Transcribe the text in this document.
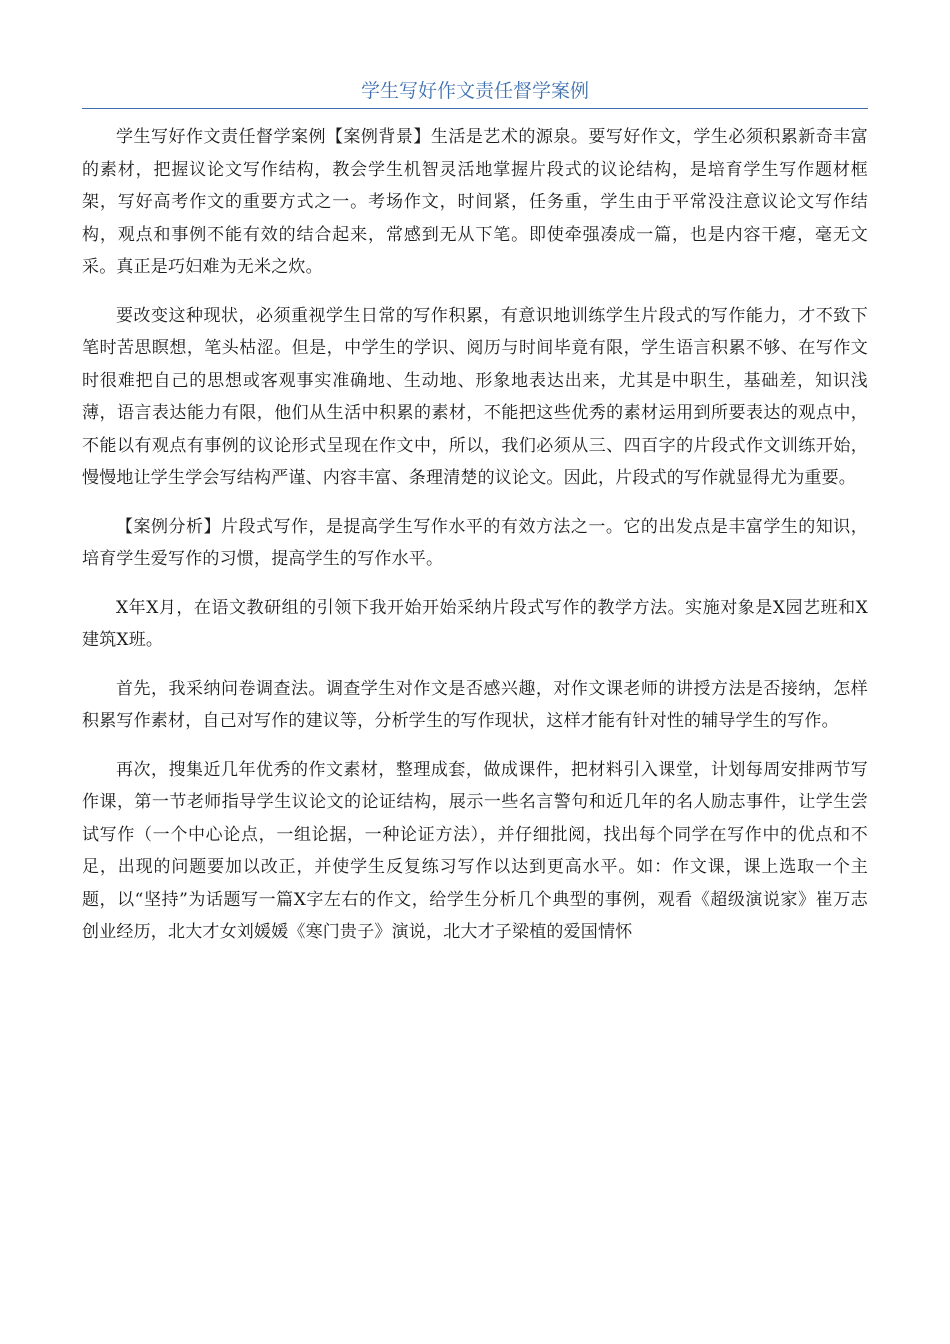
学生写好作文责任督学案例

学生写好作文责任督学案例【案例背景】生活是艺术的源泉。要写好作文，学生必须积累新奇丰富的素材，把握议论文写作结构，教会学生机智灵活地掌握片段式的议论结构，是培育学生写作题材框架，写好高考作文的重要方式之一。考场作文，时间紧，任务重，学生由于平常没注意议论文写作结构，观点和事例不能有效的结合起来，常感到无从下笔。即使牵强凑成一篇，也是内容干瘪，毫无文采。真正是巧妇难为无米之炊。

要改变这种现状，必须重视学生日常的写作积累，有意识地训练学生片段式的写作能力，才不致下笔时苦思瞑想，笔头枯涩。但是，中学生的学识、阅历与时间毕竟有限，学生语言积累不够、在写作文时很难把自己的思想或客观事实准确地、生动地、形象地表达出来，尤其是中职生，基础差，知识浅薄，语言表达能力有限，他们从生活中积累的素材，不能把这些优秀的素材运用到所要表达的观点中，不能以有观点有事例的议论形式呈现在作文中，所以，我们必须从三、四百字的片段式作文训练开始，慢慢地让学生学会写结构严谨、内容丰富、条理清楚的议论文。因此，片段式的写作就显得尤为重要。

【案例分析】片段式写作，是提高学生写作水平的有效方法之一。它的出发点是丰富学生的知识，培育学生爱写作的习惯，提高学生的写作水平。

X年X月，在语文教研组的引领下我开始开始采纳片段式写作的教学方法。实施对象是X园艺班和X建筑X班。

首先，我采纳问卷调查法。调查学生对作文是否感兴趣，对作文课老师的讲授方法是否接纳，怎样积累写作素材，自己对写作的建议等，分析学生的写作现状，这样才能有针对性的辅导学生的写作。

再次，搜集近几年优秀的作文素材，整理成套，做成课件，把材料引入课堂，计划每周安排两节写作课，第一节老师指导学生议论文的论证结构，展示一些名言警句和近几年的名人励志事件，让学生尝试写作（一个中心论点，一组论据，一种论证方法），并仔细批阅，找出每个同学在写作中的优点和不足，出现的问题要加以改正，并使学生反复练习写作以达到更高水平。如：作文课，课上选取一个主题，以“坚持”为话题写一篇X字左右的作文，给学生分析几个典型的事例，观看《超级演说家》崔万志创业经历，北大才女刘媛媛《寒门贵子》演说，北大才子梁植的爱国情怀
